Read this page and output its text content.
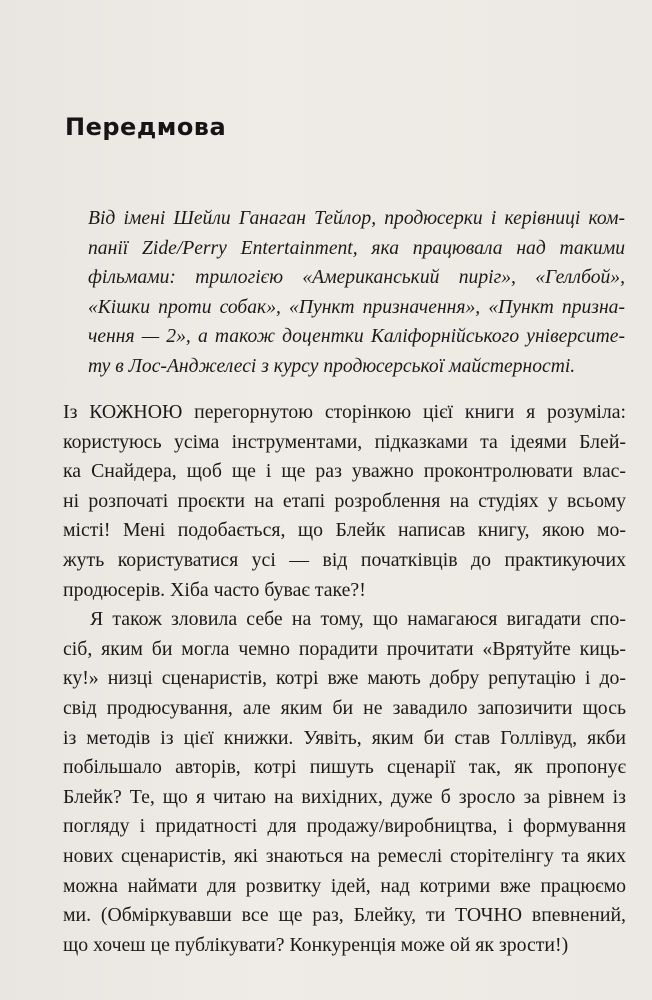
Передмова
Від імені Шейли Ганаган Тейлор, продюсерки і керівниці ком-
панії Zide/Perry Entertainment, яка працювала над такими
фільмами: трилогією «Американський пиріг», «Геллбой»,
«Кішки проти собак», «Пункт призначення», «Пункт призна-
чення — 2», а також доцентки Каліфорнійського університе-
ту в Лос-Анджелесі з курсу продюсерської майстерності.

Із КОЖНОЮ перегорнутою сторінкою цієї книги я розуміла:
користуюсь усіма інструментами, підказками та ідеями Блей-
ка Снайдера, щоб ще і ще раз уважно проконтролювати влас-
ні розпочаті проєкти на етапі розроблення на студіях у всьому
місті! Мені подобається, що Блейк написав книгу, якою мо-
жуть користуватися усі — від початківців до практикуючих
продюсерів. Хіба часто буває таке?!

Я також зловила себе на тому, що намагаюся вигадати спо-
сіб, яким би могла чемно порадити прочитати «Врятуйте киць-
ку!» низці сценаристів, котрі вже мають добру репутацію і до-
свід продюсування, але яким би не завадило запозичити щось
із методів із цієї книжки. Уявіть, яким би став Голлівуд, якби
побільшало авторів, котрі пишуть сценарії так, як пропонує
Блейк? Те, що я читаю на вихідних, дуже б зросло за рівнем із
погляду і придатності для продажу/виробництва, і формування
нових сценаристів, які знаються на ремеслі сторітелінгу та яких
можна наймати для розвитку ідей, над котрими вже працюємо
ми. (Обміркувавши все ще раз, Блейку, ти ТОЧНО впевнений,
що хочеш це публікувати? Конкуренція може ой як зрости!)
